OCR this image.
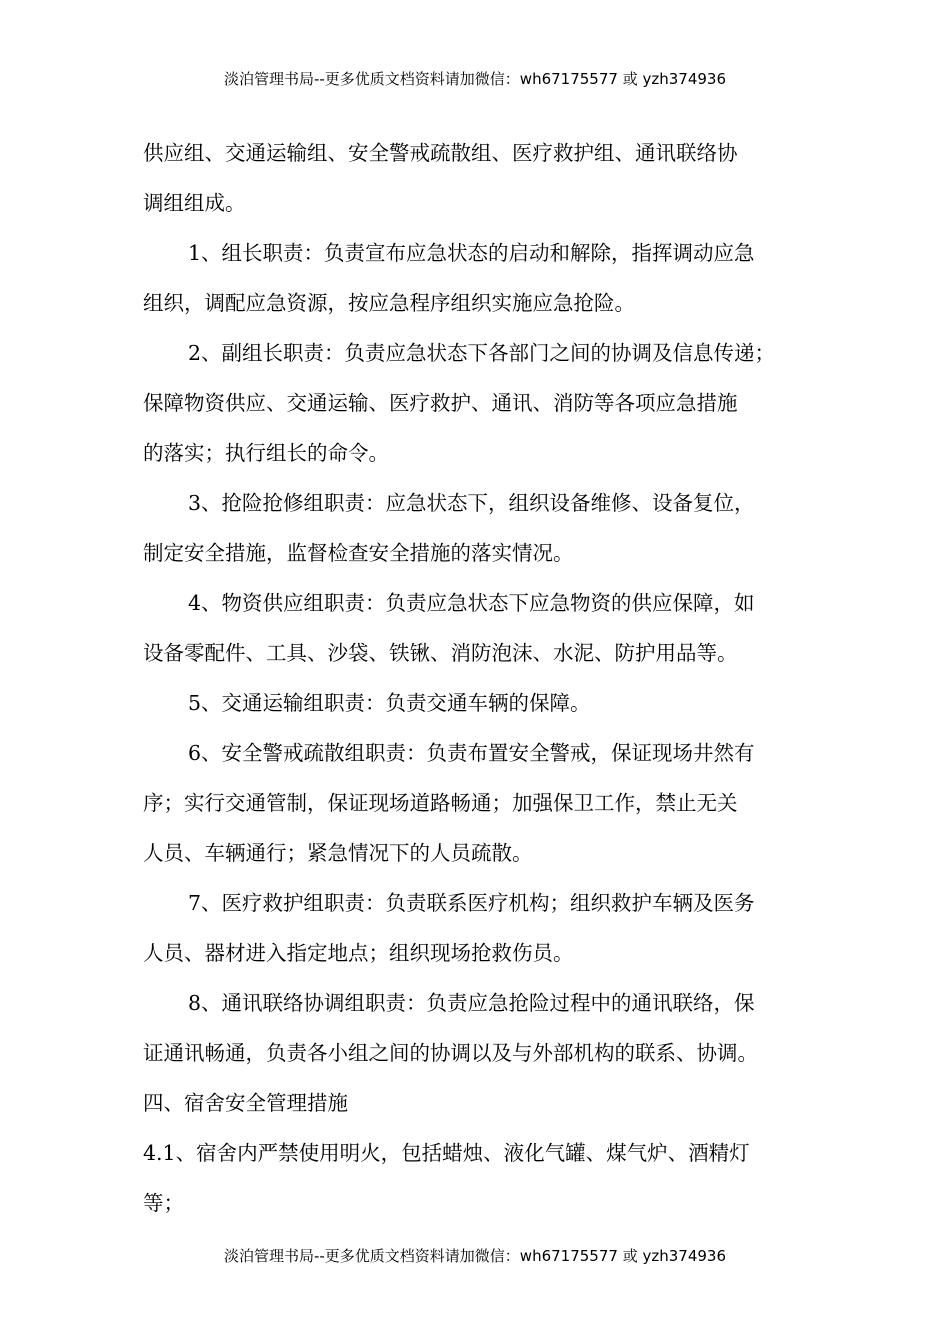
淡泊管理书局--更多优质文档资料请加微信：wh67175577 或 yzh374936
供应组、交通运输组、安全警戒疏散组、医疗救护组、通讯联络协
调组组成。
1、组长职责：负责宣布应急状态的启动和解除，指挥调动应急
组织，调配应急资源，按应急程序组织实施应急抢险。
2、副组长职责：负责应急状态下各部门之间的协调及信息传递；
保障物资供应、交通运输、医疗救护、通讯、消防等各项应急措施
的落实；执行组长的命令。
3、抢险抢修组职责：应急状态下，组织设备维修、设备复位，
制定安全措施，监督检查安全措施的落实情况。
4、物资供应组职责：负责应急状态下应急物资的供应保障，如
设备零配件、工具、沙袋、铁锹、消防泡沫、水泥、防护用品等。
5、交通运输组职责：负责交通车辆的保障。
6、安全警戒疏散组职责：负责布置安全警戒，保证现场井然有
序；实行交通管制，保证现场道路畅通；加强保卫工作，禁止无关
人员、车辆通行；紧急情况下的人员疏散。
7、医疗救护组职责：负责联系医疗机构；组织救护车辆及医务
人员、器材进入指定地点；组织现场抢救伤员。
8、通讯联络协调组职责：负责应急抢险过程中的通讯联络，保
证通讯畅通，负责各小组之间的协调以及与外部机构的联系、协调。
四、宿舍安全管理措施
4.1、宿舍内严禁使用明火，包括蜡烛、液化气罐、煤气炉、酒精灯
等；
淡泊管理书局--更多优质文档资料请加微信：wh67175577 或 yzh374936
